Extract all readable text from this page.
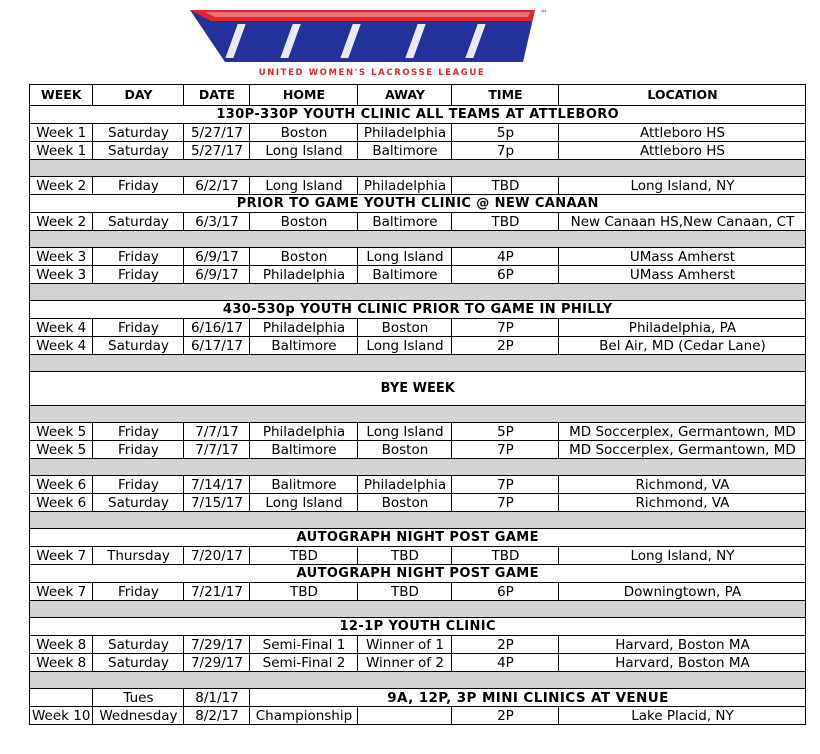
™
UNITED WOMEN'S LACROSSE LEAGUE
WEEK	DAY	DATE	HOME	AWAY	TIME	LOCATION
130P-330P YOUTH CLINIC ALL TEAMS AT ATTLEBORO						
Week 1	Saturday	5/27/17	Boston	Philadelphia	5p	Attleboro HS
Week 1	Saturday	5/27/17	Long Island	Baltimore	7p	Attleboro HS

Week 2	Friday	6/2/17	Long Island	Philadelphia	TBD	Long Island, NY
PRIOR TO GAME YOUTH CLINIC @ NEW CANAAN						
Week 2	Saturday	6/3/17	Boston	Baltimore	TBD	New Canaan HS,New Canaan, CT

Week 3	Friday	6/9/17	Boston	Long Island	4P	UMass Amherst
Week 3	Friday	6/9/17	Philadelphia	Baltimore	6P	UMass Amherst

430-530p YOUTH CLINIC PRIOR TO GAME IN PHILLY						
Week 4	Friday	6/16/17	Philadelphia	Boston	7P	Philadelphia, PA
Week 4	Saturday	6/17/17	Baltimore	Long Island	2P	Bel Air, MD (Cedar Lane)

BYE WEEK						

Week 5	Friday	7/7/17	Philadelphia	Long Island	5P	MD Soccerplex, Germantown, MD
Week 5	Friday	7/7/17	Baltimore	Boston	7P	MD Soccerplex, Germantown, MD

Week 6	Friday	7/14/17	Balitmore	Philadelphia	7P	Richmond, VA
Week 6	Saturday	7/15/17	Long Island	Boston	7P	Richmond, VA

AUTOGRAPH NIGHT POST GAME						
Week 7	Thursday	7/20/17	TBD	TBD	TBD	Long Island, NY
AUTOGRAPH NIGHT POST GAME						
Week 7	Friday	7/21/17	TBD	TBD	6P	Downingtown, PA

12-1P YOUTH CLINIC						
Week 8	Saturday	7/29/17	Semi-Final 1	Winner of 1	2P	Harvard, Boston MA
Week 8	Saturday	7/29/17	Semi-Final 2	Winner of 2	4P	Harvard, Boston MA

	Tues	8/1/17	9A, 12P, 3P MINI CLINICS AT VENUE			
Week 10	Wednesday	8/2/17	Championship		2P	Lake Placid, NY
